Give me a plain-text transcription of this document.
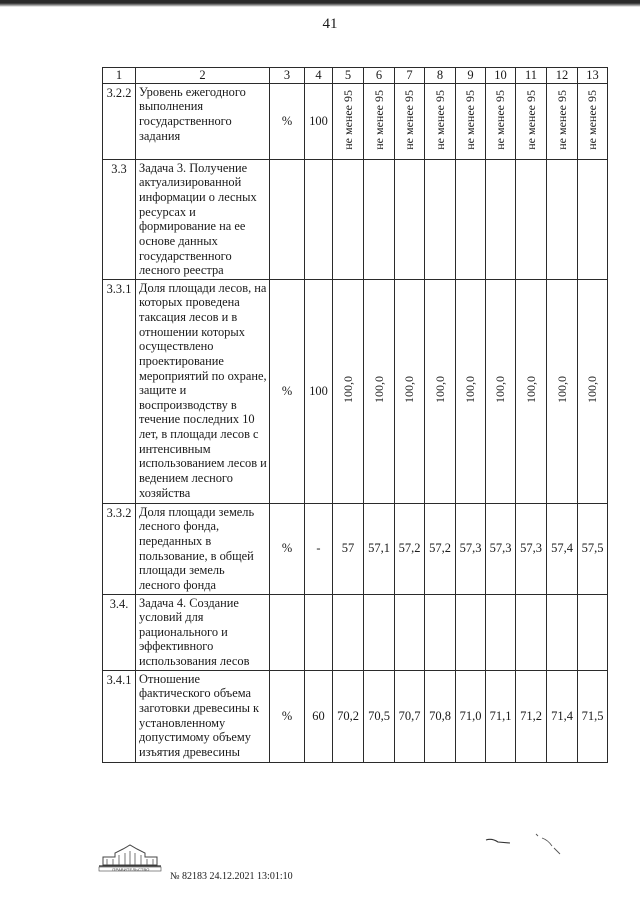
41
1	2	3	4	5	6	7	8	9	10	11	12	13
3.2.2	Уровень ежегодного выполнения государственного задания	%	100	не менее 95	не менее 95	не менее 95	не менее 95	не менее 95	не менее 95	не менее 95	не менее 95	не менее 95
3.3	Задача 3. Получение актуализированной информации о лесных ресурсах и формирование на ее основе данных государственного лесного реестра											
3.3.1	Доля площади лесов, на которых проведена таксация лесов и в отношении которых осуществлено проектирование мероприятий по охране, защите и воспроизводству в течение последних 10 лет, в площади лесов с интенсивным использованием лесов и ведением лесного хозяйства	%	100	100,0	100,0	100,0	100,0	100,0	100,0	100,0	100,0	100,0
3.3.2	Доля площади земель лесного фонда, переданных в пользование, в общей площади земель лесного фонда	%	-	57	57,1	57,2	57,2	57,3	57,3	57,3	57,4	57,5
3.4.	Задача 4. Создание условий для рационального и эффективного использования лесов											
3.4.1	Отношение фактического объема заготовки древесины к установленному допустимому объему изъятия древесины	%	60	70,2	70,5	70,7	70,8	71,0	71,1	71,2	71,4	71,5
ПРАВИТЕЛЬСТВО
№ 82183 24.12.2021 13:01:10
